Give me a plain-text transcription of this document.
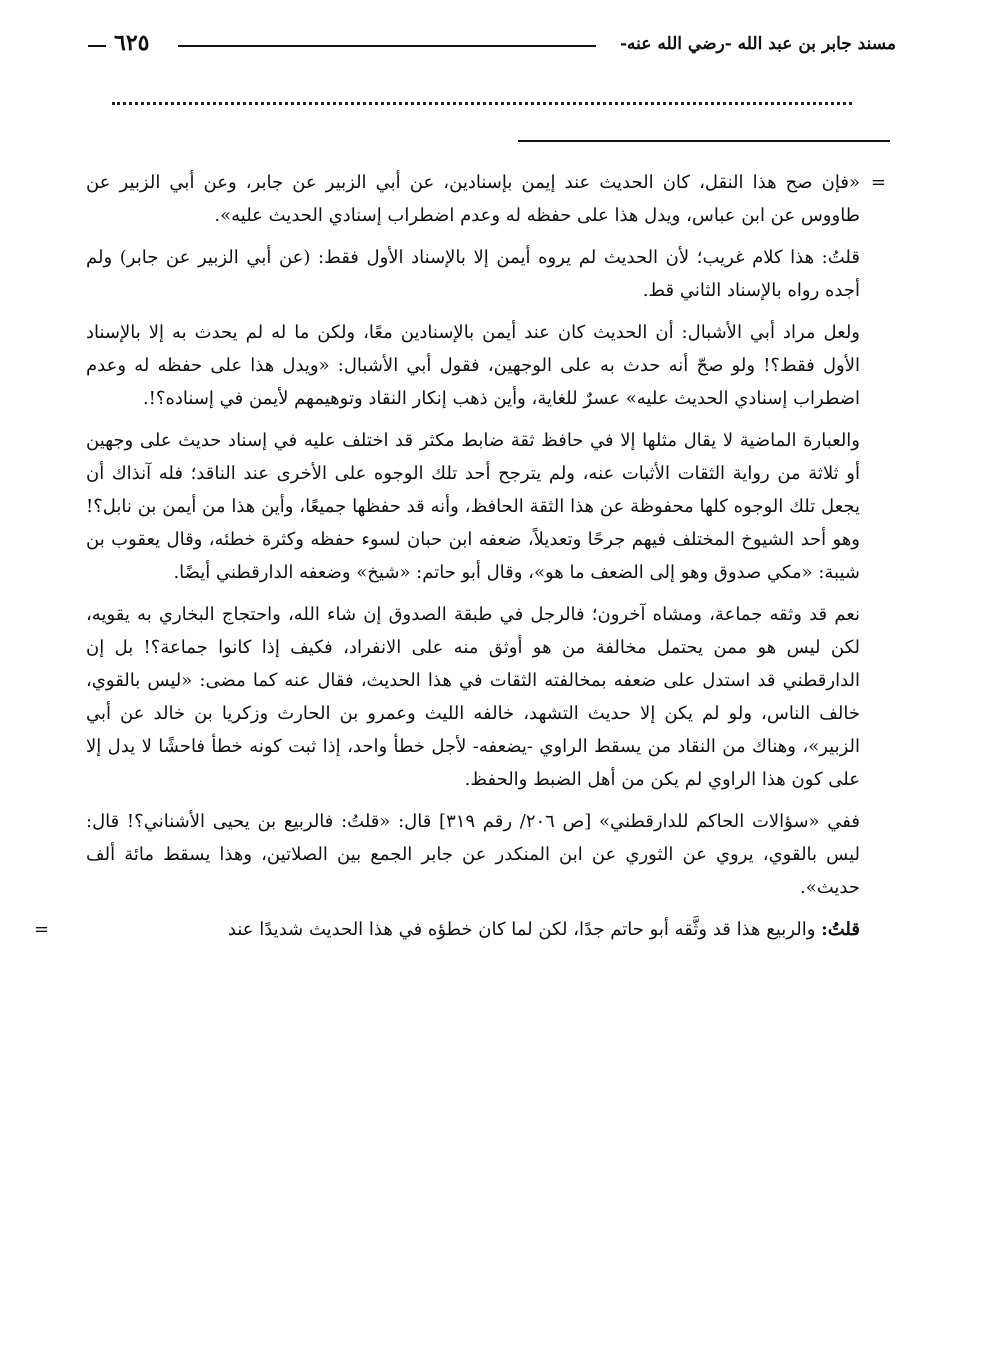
مسند جابر بن عبد الله -رضي الله عنه-
٦٢٥

=
«فإن صح هذا النقل، كان الحديث عند إيمن بإسنادين، عن أبي الزبير عن جابر، وعن أبي الزبير عن طاووس عن ابن عباس، ويدل هذا على حفظه له وعدم اضطراب إسنادي الحديث عليه».

قلتُ: هذا كلام غريب؛ لأن الحديث لم يروه أيمن إلا بالإسناد الأول فقط: (عن أبي الزبير عن جابر) ولم أجده رواه بالإسناد الثاني قط.

ولعل مراد أبي الأشبال: أن الحديث كان عند أيمن بالإسنادين معًا، ولكن ما له لم يحدث به إلا بالإسناد الأول فقط؟! ولو صحّ أنه حدث به على الوجهين، فقول أبي الأشبال: «ويدل هذا على حفظه له وعدم اضطراب إسنادي الحديث عليه» عسرٌ للغاية، وأين ذهب إنكار النقاد وتوهيمهم لأيمن في إسناده؟!.

والعبارة الماضية لا يقال مثلها إلا في حافظ ثقة ضابط مكثر قد اختلف عليه في إسناد حديث على وجهين أو ثلاثة من رواية الثقات الأثبات عنه، ولم يترجح أحد تلك الوجوه على الأخرى عند الناقد؛ فله آنذاك أن يجعل تلك الوجوه كلها محفوظة عن هذا الثقة الحافظ، وأنه قد حفظها جميعًا، وأين هذا من أيمن بن نابل؟! وهو أحد الشيوخ المختلف فيهم جرحًا وتعديلاً، ضعفه ابن حبان لسوء حفظه وكثرة خطئه، وقال يعقوب بن شيبة: «مكي صدوق وهو إلى الضعف ما هو»، وقال أبو حاتم: «شيخ» وضعفه الدارقطني أيضًا.

نعم قد وثقه جماعة، ومشاه آخرون؛ فالرجل في طبقة الصدوق إن شاء الله، واحتجاج البخاري به يقويه، لكن ليس هو ممن يحتمل مخالفة من هو أوثق منه على الانفراد، فكيف إذا كانوا جماعة؟! بل إن الدارقطني قد استدل على ضعفه بمخالفته الثقات في هذا الحديث، فقال عنه كما مضى: «ليس بالقوي، خالف الناس، ولو لم يكن إلا حديث التشهد، خالفه الليث وعمرو بن الحارث وزكريا بن خالد عن أبي الزبير»، وهناك من النقاد من يسقط الراوي -يضعفه- لأجل خطأ واحد، إذا ثبت كونه خطأ فاحشًا لا يدل إلا على كون هذا الراوي لم يكن من أهل الضبط والحفظ.

ففي «سؤالات الحاكم للدارقطني» [ص ٢٠٦/ رقم ٣١٩] قال: «قلتُ: فالربيع بن يحيى الأشناني؟! قال: ليس بالقوي، يروي عن الثوري عن ابن المنكدر عن جابر الجمع بين الصلاتين، وهذا يسقط مائة ألف حديث».

قلتُ: والربيع هذا قد وثَّقه أبو حاتم جدًا، لكن لما كان خطؤه في هذا الحديث شديدًا عند
=
